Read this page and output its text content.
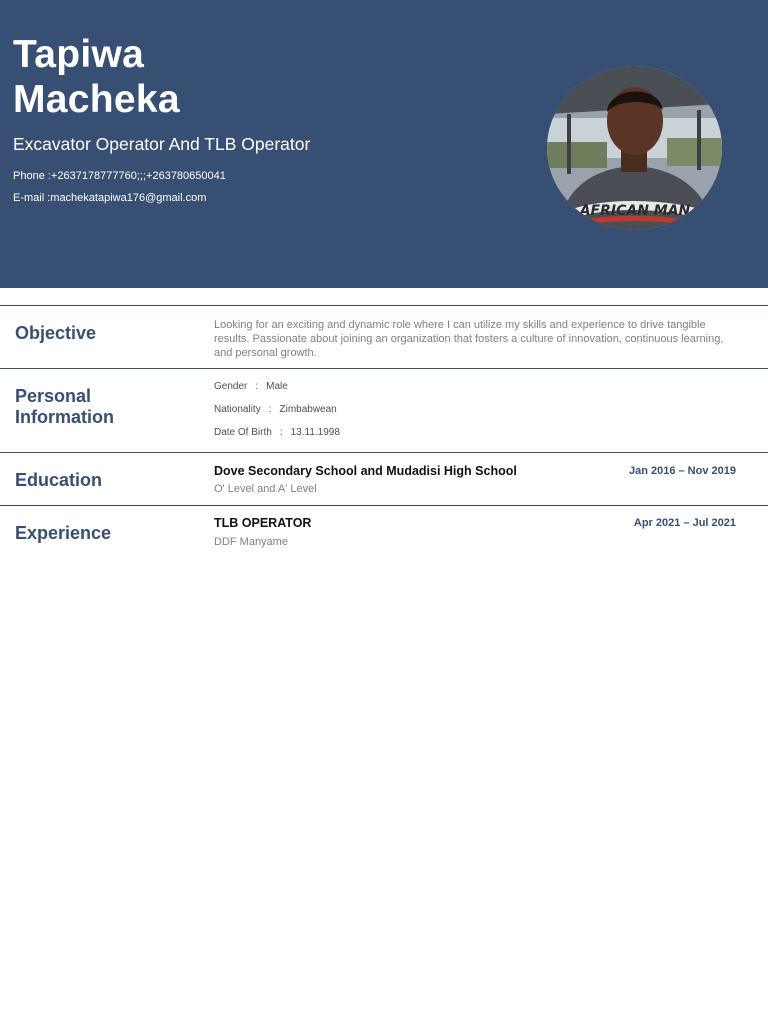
Tapiwa
Macheka
Excavator Operator And TLB Operator
Phone :+2637178777760;;;+263780650041
E-mail :machekatapiwa176@gmail.com
AFRICAN MAN
Objective	Looking for an exciting and dynamic role where I can utilize my skills and experience to drive tangible results. Passionate about joining an organization that fosters a culture of innovation, continuous learning, and personal growth.
Personal
Information
Gender : Male
Nationality : Zimbabwean
Date Of Birth : 13.11.1998
Education	Dove Secondary School and Mudadisi High School
O' Level and A' Level
Jan 2016 – Nov 2019
Experience	TLB OPERATOR
DDF Manyame
Apr 2021 – Jul 2021
